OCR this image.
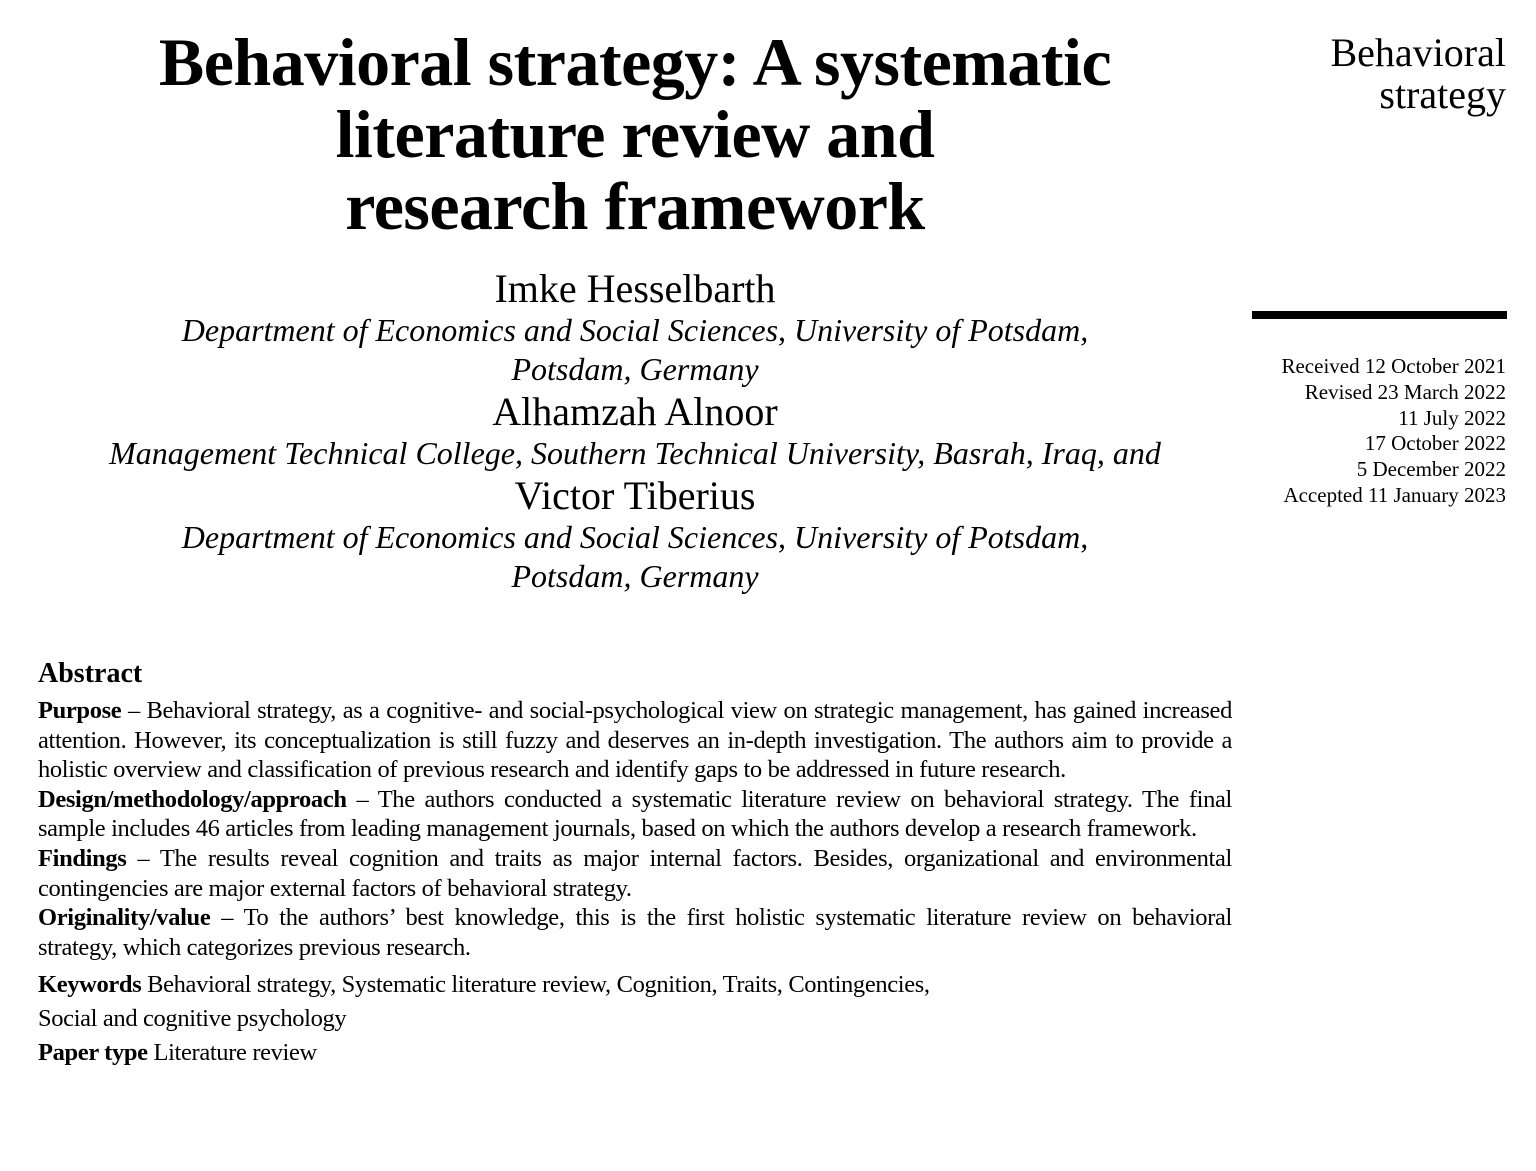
Behavioral strategy: A systematic
literature review and
research framework
Behavioral
strategy
Received 12 October 2021
Revised 23 March 2022
11 July 2022
17 October 2022
5 December 2022
Accepted 11 January 2023
Imke Hesselbarth
Department of Economics and Social Sciences, University of Potsdam,
Potsdam, Germany
Alhamzah Alnoor
Management Technical College, Southern Technical University, Basrah, Iraq, and
Victor Tiberius
Department of Economics and Social Sciences, University of Potsdam,
Potsdam, Germany
Abstract
Purpose – Behavioral strategy, as a cognitive- and social-psychological view on strategic management, has gained increased attention. However, its conceptualization is still fuzzy and deserves an in-depth investigation. The authors aim to provide a holistic overview and classification of previous research and identify gaps to be addressed in future research.
Design/methodology/approach – The authors conducted a systematic literature review on behavioral strategy. The final sample includes 46 articles from leading management journals, based on which the authors develop a research framework.
Findings – The results reveal cognition and traits as major internal factors. Besides, organizational and environmental contingencies are major external factors of behavioral strategy.
Originality/value – To the authors’ best knowledge, this is the first holistic systematic literature review on behavioral strategy, which categorizes previous research.
Keywords Behavioral strategy, Systematic literature review, Cognition, Traits, Contingencies,
Social and cognitive psychology
Paper type Literature review
